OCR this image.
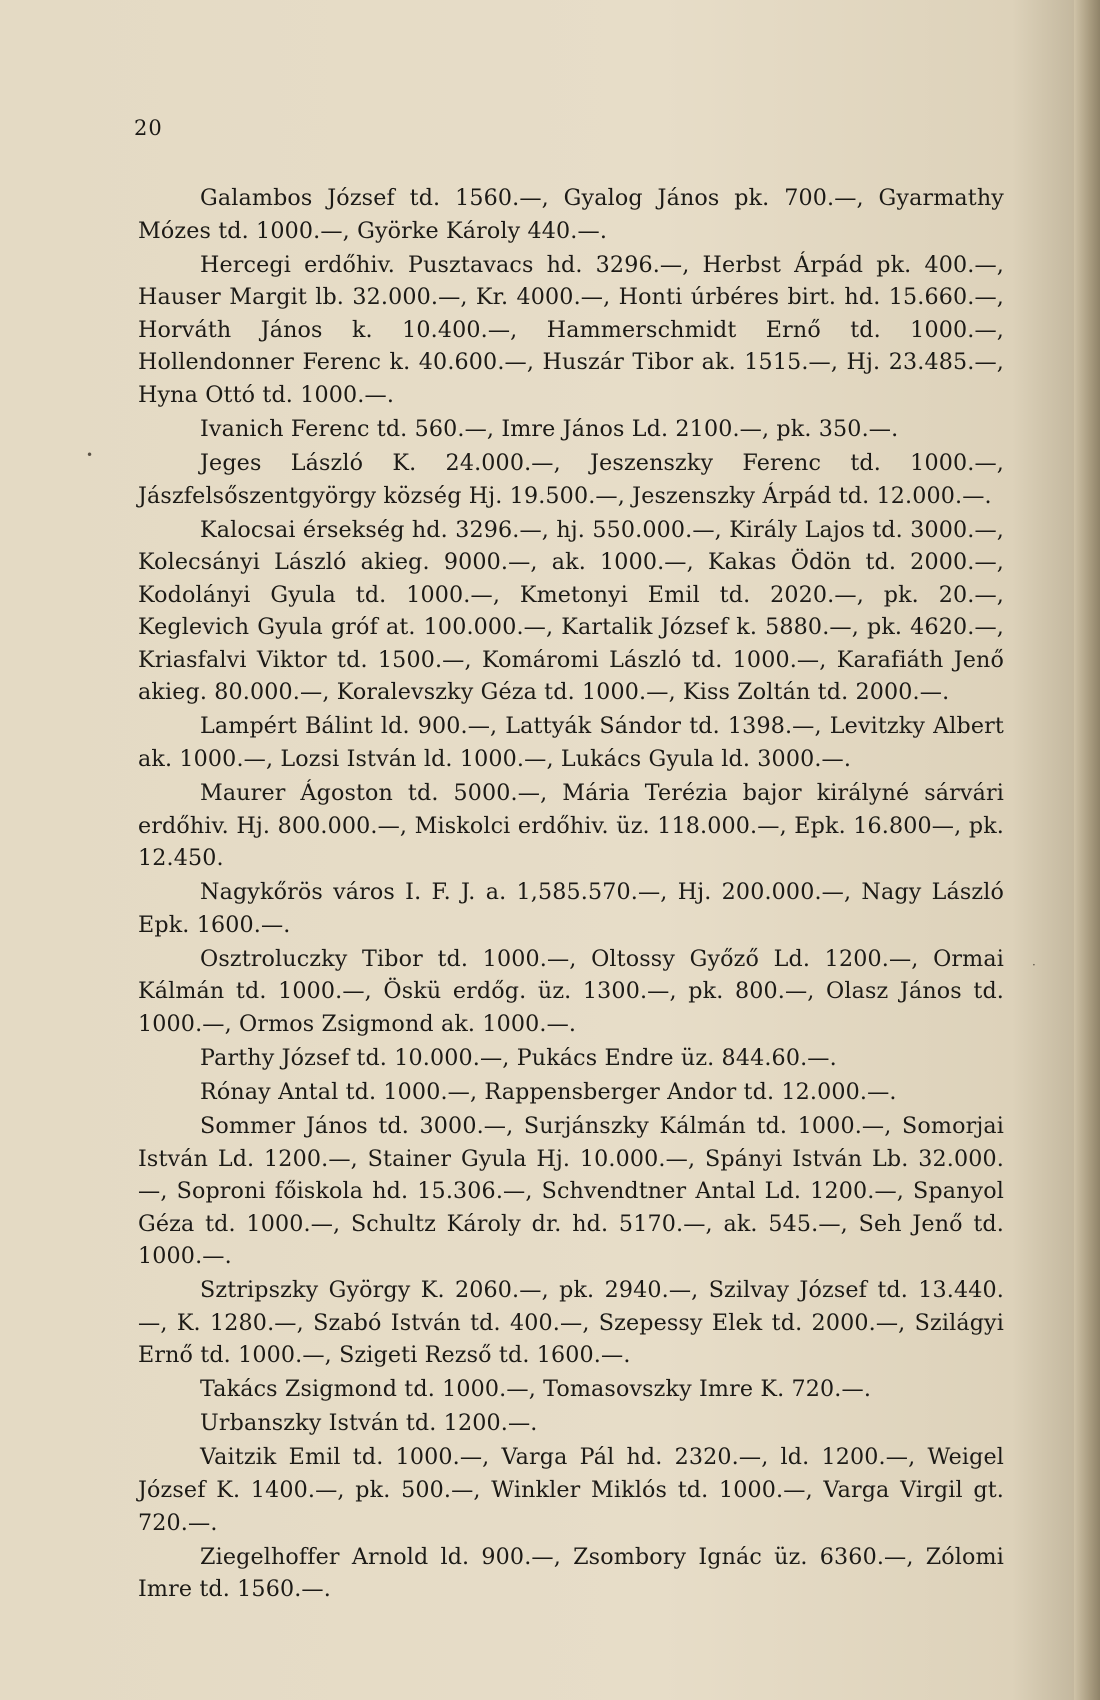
20

Galambos József td. 1560.—, Gyalog János pk. 700.—, Gyarmathy Mózes td. 1000.—, Györke Károly 440.—.

Hercegi erdőhiv. Pusztavacs hd. 3296.—, Herbst Árpád pk. 400.—, Hauser Margit lb. 32.000.—, Kr. 4000.—, Honti úrbéres birt. hd. 15.660.—, Horváth János k. 10.400.—, Hammerschmidt Ernő td. 1000.—, Hollendonner Ferenc k. 40.600.—, Huszár Tibor ak. 1515.—, Hj. 23.485.—, Hyna Ottó td. 1000.—.

Ivanich Ferenc td. 560.—, Imre János Ld. 2100.—, pk. 350.—.

Jeges László K. 24.000.—, Jeszenszky Ferenc td. 1000.—, Jászfelsőszentgyörgy község Hj. 19.500.—, Jeszenszky Árpád td. 12.000.—.

Kalocsai érsekség hd. 3296.—, hj. 550.000.—, Király Lajos td. 3000.—, Kolecsányi László akieg. 9000.—, ak. 1000.—, Kakas Ödön td. 2000.—, Kodolányi Gyula td. 1000.—, Kmetonyi Emil td. 2020.—, pk. 20.—, Keglevich Gyula gróf at. 100.000.—, Kartalik József k. 5880.—, pk. 4620.—, Kriasfalvi Viktor td. 1500.—, Komáromi László td. 1000.—, Karafiáth Jenő akieg. 80.000.—, Koralevszky Géza td. 1000.—, Kiss Zoltán td. 2000.—.

Lampért Bálint ld. 900.—, Lattyák Sándor td. 1398.—, Levitzky Albert ak. 1000.—, Lozsi István ld. 1000.—, Lukács Gyula ld. 3000.—.

Maurer Ágoston td. 5000.—, Mária Terézia bajor királyné sárvári erdőhiv. Hj. 800.000.—, Miskolci erdőhiv. üz. 118.000.—, Epk. 16.800—, pk. 12.450.

Nagykőrös város I. F. J. a. 1,585.570.—, Hj. 200.000.—, Nagy László Epk. 1600.—.

Osztroluczky Tibor td. 1000.—, Oltossy Győző Ld. 1200.—, Ormai Kálmán td. 1000.—, Öskü erdőg. üz. 1300.—, pk. 800.—, Olasz János td. 1000.—, Ormos Zsigmond ak. 1000.—.

Parthy József td. 10.000.—, Pukács Endre üz. 844.60.—.

Rónay Antal td. 1000.—, Rappensberger Andor td. 12.000.—.

Sommer János td. 3000.—, Surjánszky Kálmán td. 1000.—, Somorjai István Ld. 1200.—, Stainer Gyula Hj. 10.000.—, Spányi István Lb. 32.000.—, Soproni főiskola hd. 15.306.—, Schvendtner Antal Ld. 1200.—, Spanyol Géza td. 1000.—, Schultz Károly dr. hd. 5170.—, ak. 545.—, Seh Jenő td. 1000.—.

Sztripszky György K. 2060.—, pk. 2940.—, Szilvay József td. 13.440.—, K. 1280.—, Szabó István td. 400.—, Szepessy Elek td. 2000.—, Szilágyi Ernő td. 1000.—, Szigeti Rezső td. 1600.—.

Takács Zsigmond td. 1000.—, Tomasovszky Imre K. 720.—.

Urbanszky István td. 1200.—.

Vaitzik Emil td. 1000.—, Varga Pál hd. 2320.—, ld. 1200.—, Weigel József K. 1400.—, pk. 500.—, Winkler Miklós td. 1000.—, Varga Virgil gt. 720.—.

Ziegelhoffer Arnold ld. 900.—, Zsombory Ignác üz. 6360.—, Zólomi Imre td. 1560.—.

•
·
